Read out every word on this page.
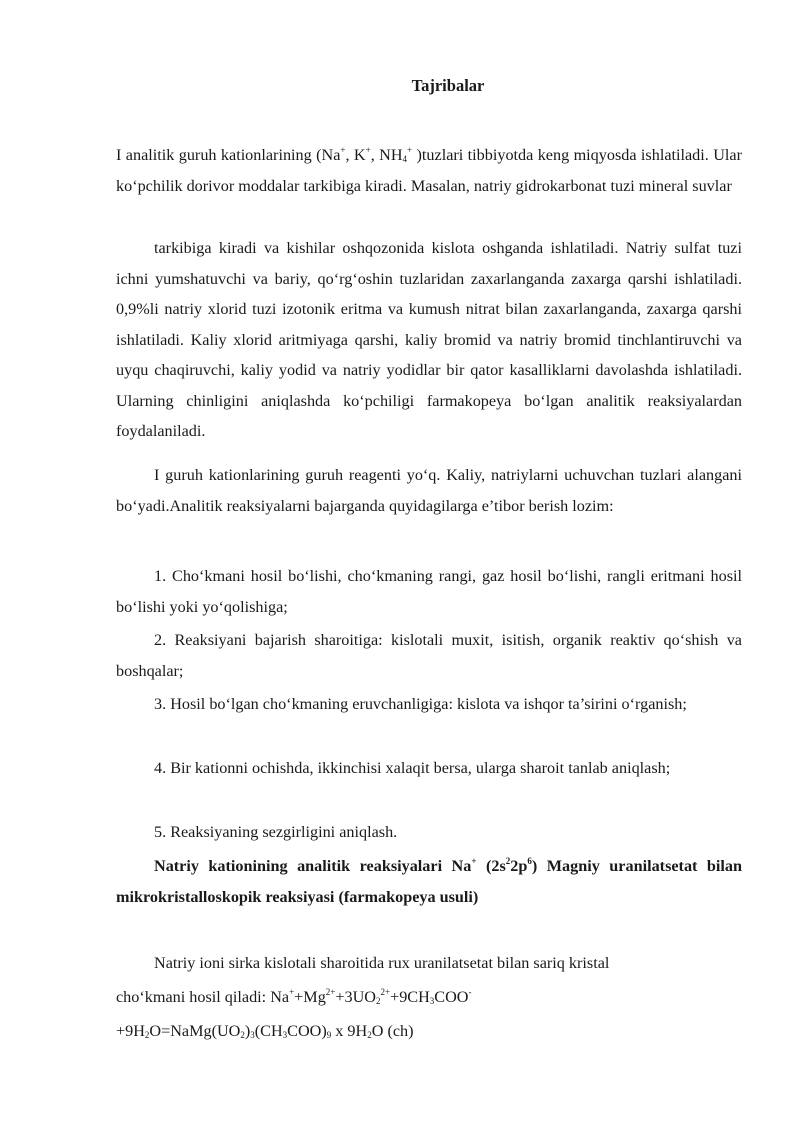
Tajribalar
I analitik guruh kationlarining (Na+, K+, $NH_4^+$ )tuzlari tibbiyotda keng miqyosda ishlatiladi. Ular ko‘pchilik dorivor moddalar tarkibiga kiradi. Masalan, natriy gidrokarbonat tuzi mineral suvlar
tarkibiga kiradi va kishilar oshqozonida kislota oshganda ishlatiladi. Natriy sulfat tuzi ichni yumshatuvchi va bariy, qo‘rg‘oshin tuzlaridan zaxarlanganda zaxarga qarshi ishlatiladi. 0,9%li natriy xlorid tuzi izotonik eritma va kumush nitrat bilan zaxarlanganda, zaxarga qarshi ishlatiladi. Kaliy xlorid aritmiyaga qarshi, kaliy bromid va natriy bromid tinchlantiruvchi va uyqu chaqiruvchi, kaliy yodid va natriy yodidlar bir qator kasalliklarni davolashda ishlatiladi. Ularning chinligini aniqlashda ko‘pchiligi farmakopeya bo‘lgan analitik reaksiyalardan foydalaniladi.
I guruh kationlarining guruh reagenti yo‘q. Kaliy, natriylarni uchuvchan tuzlari alangani bo‘yadi.Analitik reaksiyalarni bajarganda quyidagilarga e’tibor berish lozim:
1. Cho‘kmani hosil bo‘lishi, cho‘kmaning rangi, gaz hosil bo‘lishi, rangli eritmani hosil bo‘lishi yoki yo‘qolishiga;
2. Reaksiyani bajarish sharoitiga: kislotali muxit, isitish, organik reaktiv qo‘shish va boshqalar;
3. Hosil bo‘lgan cho‘kmaning eruvchanligiga: kislota va ishqor ta’sirini o‘rganish;
4. Bir kationni ochishda, ikkinchisi xalaqit bersa, ularga sharoit tanlab aniqlash;
5. Reaksiyaning sezgirligini aniqlash.
Natriy kationining analitik reaksiyalari Na+ $(2s^22p^6)$ Magniy uranilatsetat bilan mikrokristalloskopik reaksiyasi (farmakopeya usuli)
Natriy ioni sirka kislotali sharoitida rux uranilatsetat bilan sariq kristal
cho‘kmani hosil qiladi: $Na^++Mg^{2+}+3UO_2^{2+}+9CH_3COO^-$
$+9H_2O=NaMg(UO_2)_3(CH_3COO)_9$ x $9H_2O$ (ch)
